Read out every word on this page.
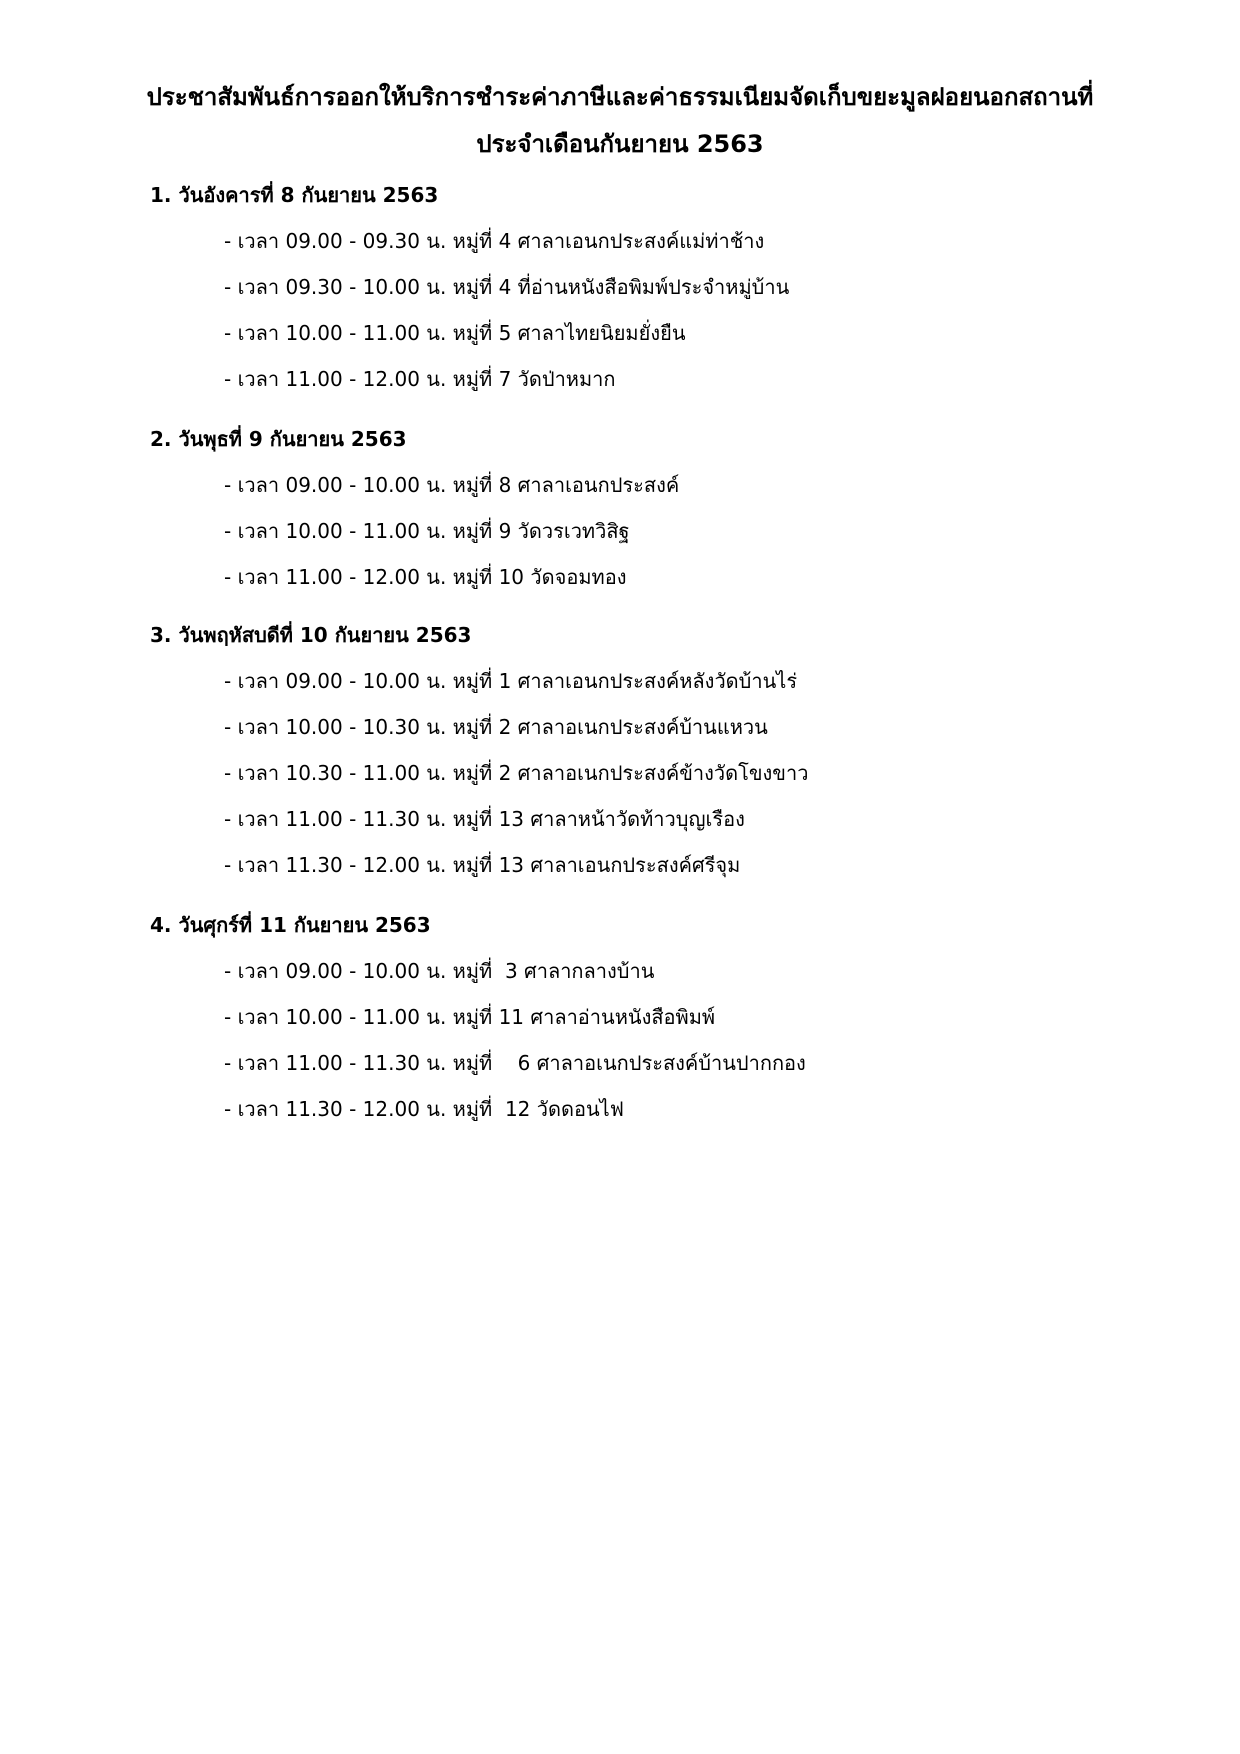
ประชาสัมพันธ์การออกให้บริการชำระค่าภาษีและค่าธรรมเนียมจัดเก็บขยะมูลฝอยนอกสถานที่
ประจำเดือนกันยายน 2563
1. วันอังคารที่ 8 กันยายน 2563
- เวลา 09.00 - 09.30 น. หมู่ที่ 4 ศาลาเอนกประสงค์แม่ท่าช้าง
- เวลา 09.30 - 10.00 น. หมู่ที่ 4 ที่อ่านหนังสือพิมพ์ประจำหมู่บ้าน
- เวลา 10.00 - 11.00 น. หมู่ที่ 5 ศาลาไทยนิยมยั่งยืน
- เวลา 11.00 - 12.00 น. หมู่ที่ 7 วัดป่าหมาก
2. วันพุธที่ 9 กันยายน 2563
- เวลา 09.00 - 10.00 น. หมู่ที่ 8 ศาลาเอนกประสงค์
- เวลา 10.00 - 11.00 น. หมู่ที่ 9 วัดวรเวทวิสิฐ
- เวลา 11.00 - 12.00 น. หมู่ที่ 10 วัดจอมทอง
3. วันพฤหัสบดีที่ 10 กันยายน 2563
- เวลา 09.00 - 10.00 น. หมู่ที่ 1 ศาลาเอนกประสงค์หลังวัดบ้านไร่
- เวลา 10.00 - 10.30 น. หมู่ที่ 2 ศาลาอเนกประสงค์บ้านแหวน
- เวลา 10.30 - 11.00 น. หมู่ที่ 2 ศาลาอเนกประสงค์ข้างวัดโขงขาว
- เวลา 11.00 - 11.30 น. หมู่ที่ 13 ศาลาหน้าวัดท้าวบุญเรือง
- เวลา 11.30 - 12.00 น. หมู่ที่ 13 ศาลาเอนกประสงค์ศรีจุม
4. วันศุกร์ที่ 11 กันยายน 2563
- เวลา 09.00 - 10.00 น. หมู่ที่  3 ศาลากลางบ้าน
- เวลา 10.00 - 11.00 น. หมู่ที่ 11 ศาลาอ่านหนังสือพิมพ์
- เวลา 11.00 - 11.30 น. หมู่ที่    6 ศาลาอเนกประสงค์บ้านปากกอง
- เวลา 11.30 - 12.00 น. หมู่ที่  12 วัดดอนไฟ
